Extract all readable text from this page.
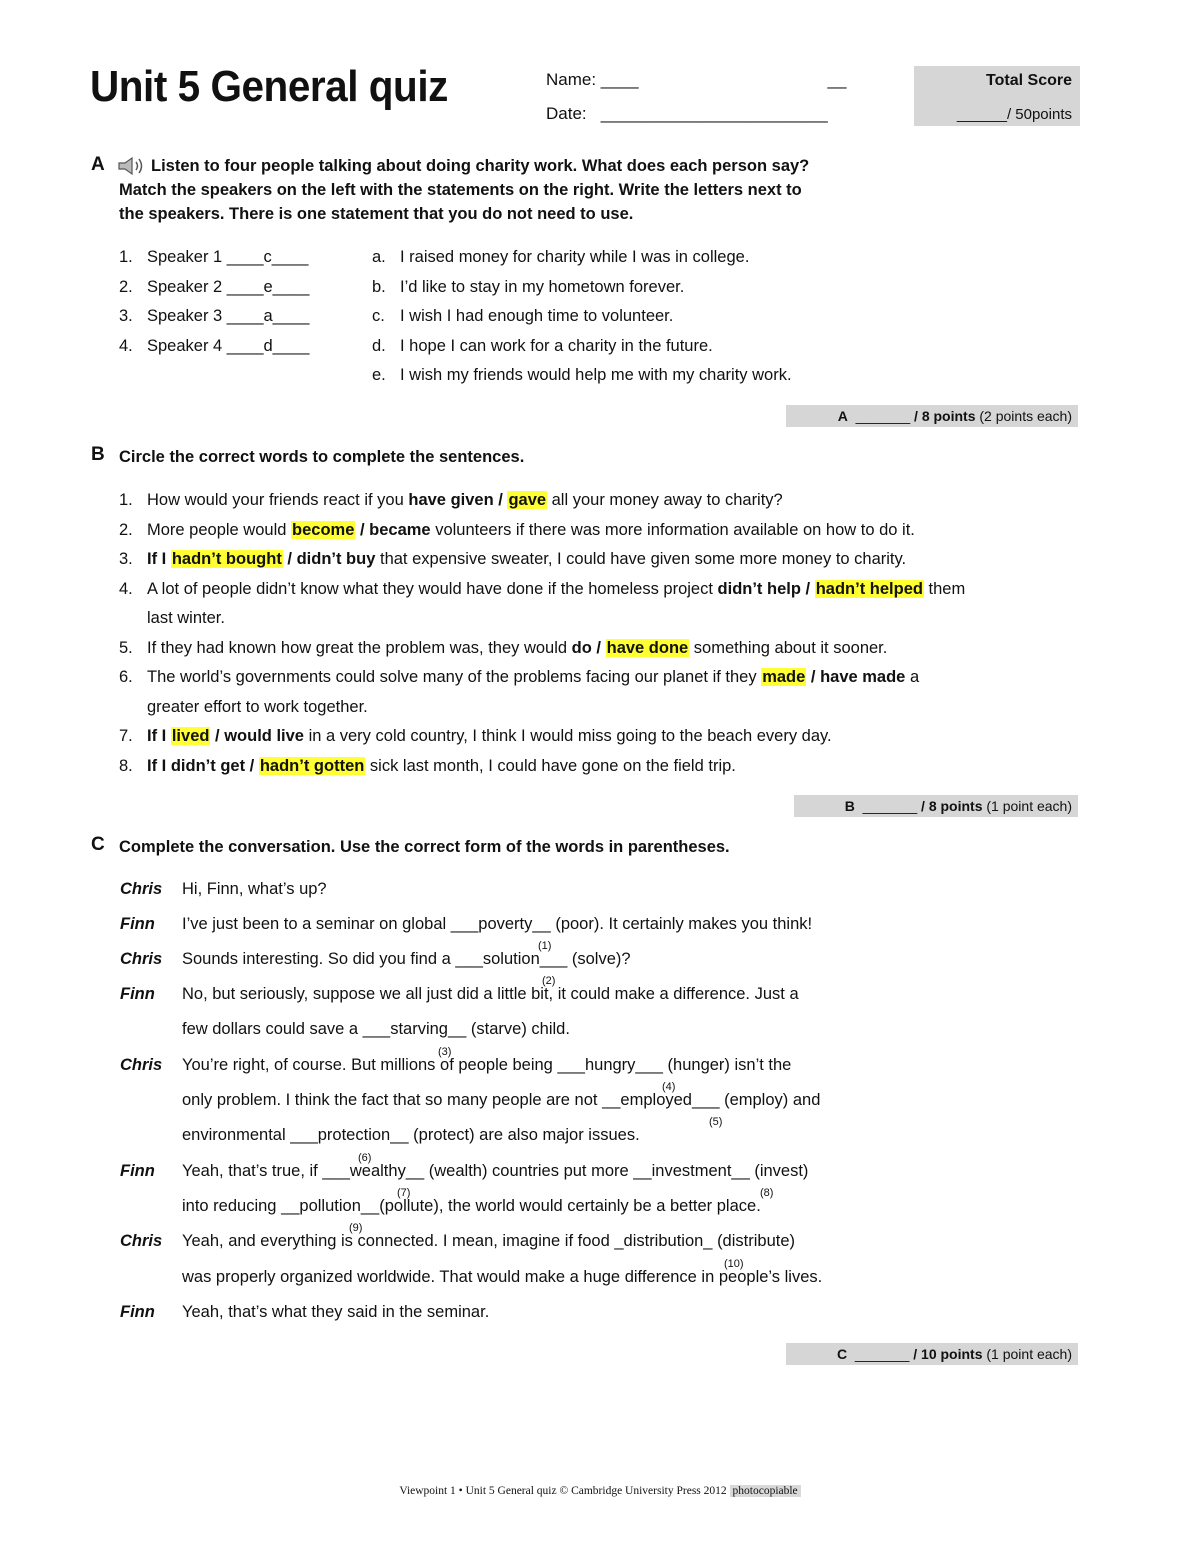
Unit 5 General quiz	Name: ____                                        __
Date:   ________________________
Total Score
______/ 50points
A	Listen to four people talking about doing charity work. What does each person say?
Match the speakers on the left with the statements on the right. Write the letters next to
the speakers. There is one statement that you do not need to use.
1. Speaker 1 ____c____
2. Speaker 2 ____e____
3. Speaker 3 ____a____
4. Speaker 4 ____d____
a. I raised money for charity while I was in college.
b. I’d like to stay in my hometown forever.
c. I wish I had enough time to volunteer.
d. I hope I can work for a charity in the future.
e. I wish my friends would help me with my charity work.
A _______ / 8 points (2 points each)
B Circle the correct words to complete the sentences.
1. How would your friends react if you have given / gave all your money away to charity?
2. More people would become / became volunteers if there was more information available on how to do it.
3. If I hadn’t bought / didn’t buy that expensive sweater, I could have given some more money to charity.
4. A lot of people didn’t know what they would have done if the homeless project didn’t help / hadn’t helped them
last winter.
5. If they had known how great the problem was, they would do / have done something about it sooner.
6. The world’s governments could solve many of the problems facing our planet if they made / have made a
greater effort to work together.
7. If I lived / would live in a very cold country, I think I would miss going to the beach every day.
8. If I didn’t get / hadn’t gotten sick last month, I could have gone on the field trip.
B _______ / 8 points (1 point each)
C Complete the conversation. Use the correct form of the words in parentheses.
Chris Hi, Finn, what’s up?
Finn I’ve just been to a seminar on global ___poverty__ (poor). It certainly makes you think!
Chris Sounds interesting. So did you find a ___solution___ (solve)?
Finn No, but seriously, suppose we all just did a little bit, it could make a difference. Just a
few dollars could save a ___starving__ (starve) child.
Chris You’re right, of course. But millions of people being ___hungry___ (hunger) isn’t the
only problem. I think the fact that so many people are not __employed___ (employ) and
environmental ___protection__ (protect) are also major issues.
Finn Yeah, that’s true, if ___wealthy__ (wealth) countries put more __investment__ (invest)
into reducing __pollution__(pollute), the world would certainly be a better place.
Chris Yeah, and everything is connected. I mean, imagine if food _distribution_ (distribute)
was properly organized worldwide. That would make a huge difference in people’s lives.
Finn Yeah, that’s what they said in the seminar.
(1)
(2)
(3)
(4)
(5)
(6)
(7)	(8)
(9)
(10)
C _______ / 10 points (1 point each)
Viewpoint 1 • Unit 5 General quiz © Cambridge University Press 2012 photocopiable
